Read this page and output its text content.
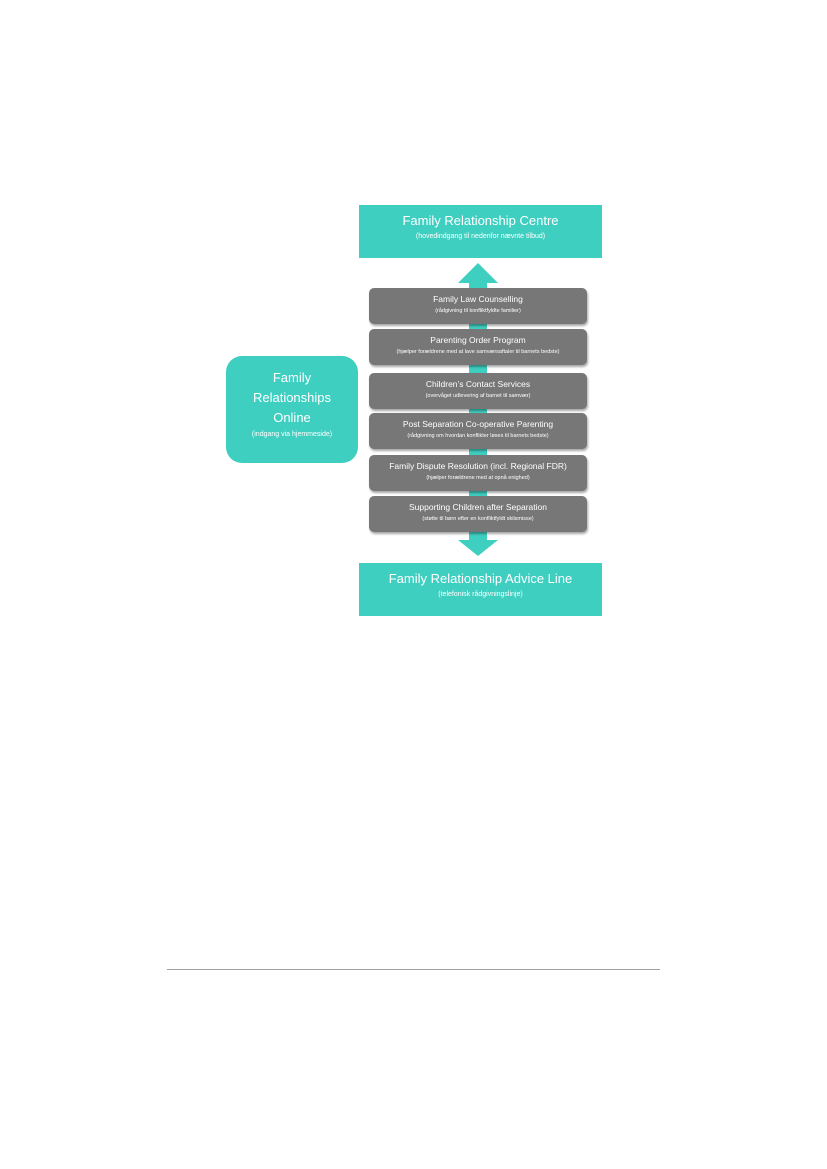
Family Relationship Centre
(hovedindgang til nedenfor nævnte tilbud)
Family
Relationships
Online
(indgang via hjemmeside)
Family Law Counselling
(rådgivning til konfliktfyldte familier)
Parenting Order Program
(hjælper forældrene med at lave samværsaftaler til barnets bedste)
Children’s Contact Services
(overvåget udlevering af barnet til samvær)
Post Separation Co-operative Parenting
(rådgivning om hvordan konflikter løses til barnets bedste)
Family Dispute Resolution (incl. Regional FDR)
(hjælper forældrene med at opnå enighed)
Supporting Children after Separation
(støtte til børn efter en konfliktfyldt skilsmisse)
Family Relationship Advice Line
(telefonisk rådgivningslinje)
